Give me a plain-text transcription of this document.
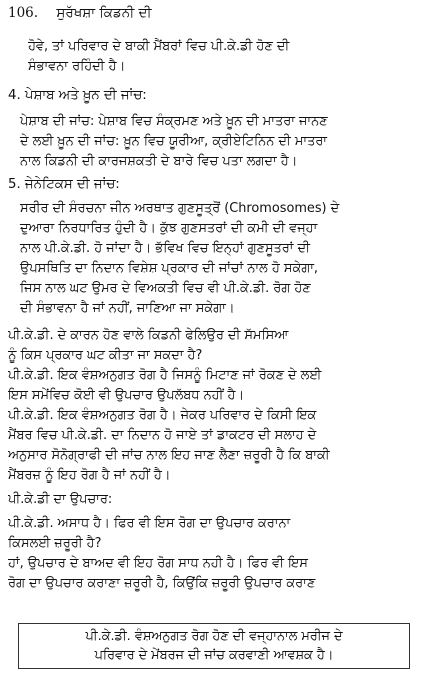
106. ਸੁਰੱਖਸ਼ਾ ਕਿਡਨੀ ਦੀ

ਹੋਵੇ, ਤਾਂ ਪਰਿਵਾਰ ਦੇ ਬਾਕੀ ਮੈਂਬਰਾਂ ਵਿਚ ਪੀ.ਕੇ.ਡੀ ਹੋਣ ਦੀ

ਸੰਭਾਵਨਾ ਰਹਿੰਦੀ ਹੈ।

4. ਪੇਸ਼ਾਬ ਅਤੇ ਖ਼ੂਨ ਦੀ ਜਾਂਚ:

ਪੇਸ਼ਾਬ ਦੀ ਜਾਂਚ: ਪੇਸ਼ਾਬ ਵਿਚ ਸੰਕ੍ਰਮਣ ਅਤੇ ਖ਼ੂਨ ਦੀ ਮਾਤਰਾ ਜਾਨਣ

ਦੇ ਲਈ ਖ਼ੂਨ ਦੀ ਜਾਂਚ: ਖ਼ੂਨ ਵਿਚ ਯੂਰੀਆ, ਕ੍ਰੀਏਟਿਨਿਨ ਦੀ ਮਾਤਰਾ

ਨਾਲ ਕਿਡਨੀ ਦੀ ਕਾਰਜਸ਼ਕਤੀ ਦੇ ਬਾਰੇ ਵਿਚ ਪਤਾ ਲਗਦਾ ਹੈ।

5. ਜੇਨੇਟਿਕਸ ਦੀ ਜਾਂਚ:

ਸਰੀਰ ਦੀ ਸੰਰਚਨਾ ਜੀਨ ਅਰਥਾਤ ਗੁਣਸੂਤ੍ਰੋਂ (Chromosomes) ਦੇ

ਦੁਆਰਾ ਨਿਰਧਾਰਿਤ ਹੁੰਦੀ ਹੈ। ਕੁੱਝ ਗੁਣਸਤਰਾਂ ਦੀ ਕਮੀ ਦੀ ਵਜ੍ਹਾ

ਨਾਲ ਪੀ.ਕੇ.ਡੀ. ਹੋ ਜਾਂਦਾ ਹੈ। ਭੱਵਿਖ ਵਿਚ ਇਨ੍ਹਾਂ ਗੁਣਸੂਤਰਾਂ ਦੀ

ਉਪਸਥਿਤਿ ਦਾ ਨਿਦਾਨ ਵਿਸ਼ੇਸ਼ ਪ੍ਰਕਾਰ ਦੀ ਜਾਂਚਾਂ ਨਾਲ ਹੋ ਸਕੇਗਾ,

ਜਿਸ ਨਾਲ ਘਟ ਉਮਰ ਦੇ ਵਿਅਕਤੀ ਵਿਚ ਵੀ ਪੀ.ਕੇ.ਡੀ. ਰੋਗ ਹੋਣ

ਦੀ ਸੰਭਾਵਨਾ ਹੈ ਜਾਂ ਨਹੀਂ, ਜਾਣਿਆ ਜਾ ਸਕੇਗਾ।

ਪੀ.ਕੇ.ਡੀ. ਦੇ ਕਾਰਨ ਹੋਣ ਵਾਲੇ ਕਿਡਨੀ ਫੇਲਿਉਰ ਦੀ ਸੱਮਸਿਆ

ਨੂੰ ਕਿਸ ਪ੍ਰਕਾਰ ਘਟ ਕੀਤਾ ਜਾ ਸਕਦਾ ਹੈ?

ਪੀ.ਕੇ.ਡੀ. ਇਕ ਵੰਸ਼ਅਨੁਗਤ ਰੋਗ ਹੈ ਜਿਸਨੂੰ ਮਿਟਾਣ ਜਾਂ ਰੋਕਣ ਦੇ ਲਈ

ਇਸ ਸਮੇਂਵਿਚ ਕੋਈ ਵੀ ਉਪਚਾਰ ਉਪਲੱਬਧ ਨਹੀਂ ਹੈ।

ਪੀ.ਕੇ.ਡੀ. ਇਕ ਵੰਸ਼ਅਨੁਗਤ ਰੋਗ ਹੈ। ਜੇਕਰ ਪਰਿਵਾਰ ਦੇ ਕਿਸੀ ਇਕ

ਮੈਂਬਰ ਵਿਚ ਪੀ.ਕੇ.ਡੀ. ਦਾ ਨਿਦਾਨ ਹੋ ਜਾਏ ਤਾਂ ਡਾਕਟਰ ਦੀ ਸਲਾਹ ਦੇ

ਅਨੁਸਾਰ ਸੋਨੋਗ੍ਰਾਫੀ ਦੀ ਜਾਂਚ ਨਾਲ ਇਹ ਜਾਣ ਲੈਣਾ ਜ਼ਰੂਰੀ ਹੈ ਕਿ ਬਾਕੀ

ਮੈਂਬਰਜ਼ ਨੂੰ ਇਹ ਰੋਗ ਹੈ ਜਾਂ ਨਹੀਂ ਹੈ।

ਪੀ.ਕੇ.ਡੀ ਦਾ ਉਪਚਾਰ:

ਪੀ.ਕੇ.ਡੀ. ਅਸਾਧ ਹੈ। ਫਿਰ ਵੀ ਇਸ ਰੋਗ ਦਾ ਉਪਚਾਰ ਕਰਾਨਾ

ਕਿਸਲਈ ਜ਼ਰੂਰੀ ਹੈ?

ਹਾਂ, ਉਪਚਾਰ ਦੇ ਬਾਅਦ ਵੀ ਇਹ ਰੋਗ ਸਾਧ ਨਹੀ ਹੈ। ਫਿਰ ਵੀ ਇਸ

ਰੋਗ ਦਾ ਉਪਚਾਰ ਕਰਾਣਾ ਜ਼ਰੂਰੀ ਹੈ, ਕਿਉਂਕਿ ਜ਼ਰੂਰੀ ਉਪਚਾਰ ਕਰਾਣ

ਪੀ.ਕੇ.ਡੀ. ਵੰਸ਼ਅਨੁਗਤ ਰੋਗ ਹੋਣ ਦੀ ਵਜ੍ਹਾਨਾਲ ਮਰੀਜ ਦੇ

ਪਰਿਵਾਰ ਦੇ ਮੇਂਬਰਜ ਦੀ ਜਾਂਚ ਕਰਵਾਣੀ ਆਵਸ਼ਕ ਹੈ।
